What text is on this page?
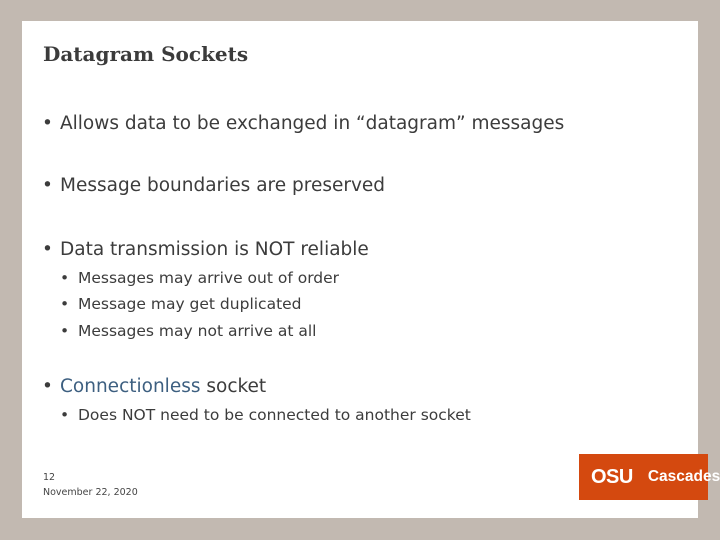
Datagram Sockets
• Allows data to be exchanged in “datagram” messages
• Message boundaries are preserved
• Data transmission is NOT reliable
• Messages may arrive out of order
• Message may get duplicated
• Messages may not arrive at all
• Connectionless socket
• Does NOT need to be connected to another socket
12
November 22, 2020
OSU Cascades
